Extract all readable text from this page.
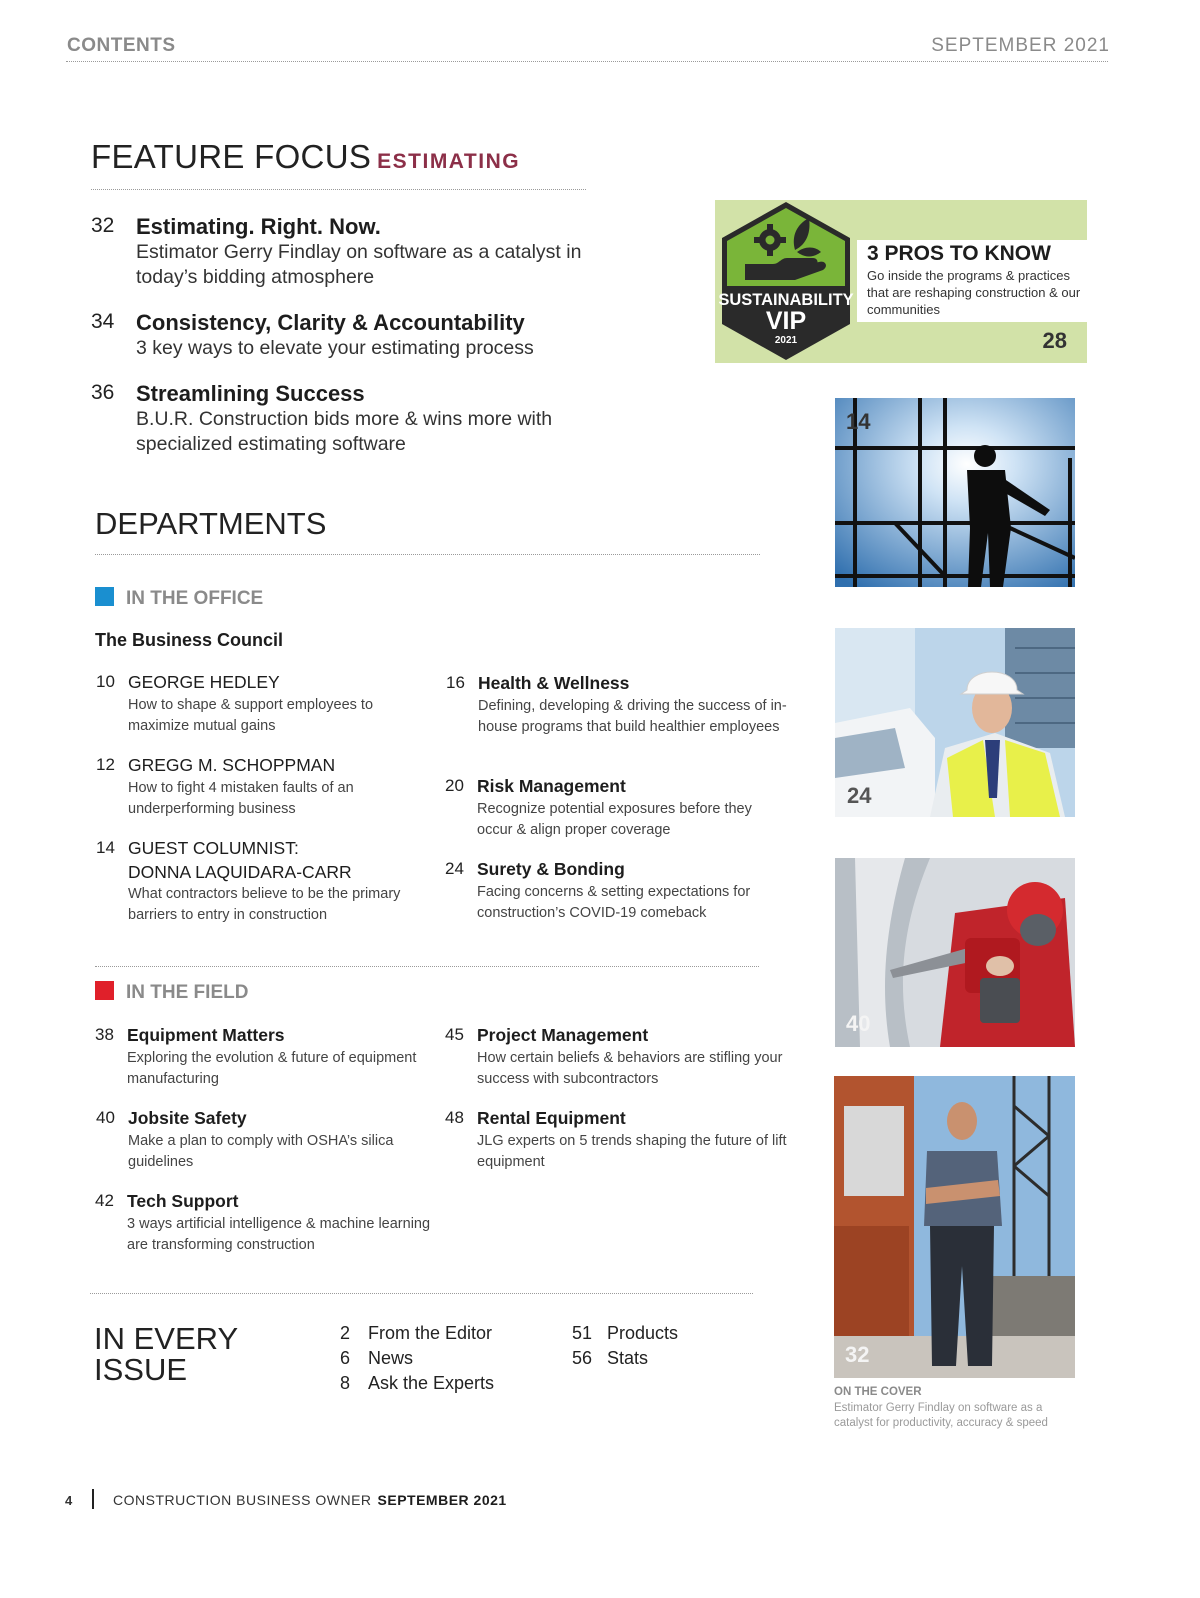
CONTENTS	SEPTEMBER 2021
FEATURE FOCUS ESTIMATING
32 Estimating. Right. Now.
Estimator Gerry Findlay on software as a catalyst in today’s bidding atmosphere
34 Consistency, Clarity & Accountability
3 key ways to elevate your estimating process
36 Streamlining Success
B.U.R. Construction bids more & wins more with specialized estimating software
SUSTAINABILITY
VIP
2021
3 PROS TO KNOW
Go inside the programs & practices that are reshaping construction & our communities
28
DEPARTMENTS
IN THE OFFICE
The Business Council
10 GEORGE HEDLEY
How to shape & support employees to maximize mutual gains
12 GREGG M. SCHOPPMAN
How to fight 4 mistaken faults of an underperforming business
14 GUEST COLUMNIST:
DONNA LAQUIDARA-CARR
What contractors believe to be the primary barriers to entry in construction
16 Health & Wellness
Defining, developing & driving the success of in-house programs that build healthier employees
20 Risk Management
Recognize potential exposures before they occur & align proper coverage
24 Surety & Bonding
Facing concerns & setting expectations for construction’s COVID-19 comeback
IN THE FIELD
38 Equipment Matters
Exploring the evolution & future of equipment manufacturing
40 Jobsite Safety
Make a plan to comply with OSHA’s silica guidelines
42 Tech Support
3 ways artificial intelligence & machine learning are transforming construction
45 Project Management
How certain beliefs & behaviors are stifling your success with subcontractors
48 Rental Equipment
JLG experts on 5 trends shaping the future of lift equipment
IN EVERY
ISSUE
2 From the Editor
6 News
8 Ask the Experts
51 Products
56 Stats
14
24
40
32
ON THE COVER
Estimator Gerry Findlay on software as a catalyst for productivity, accuracy & speed
4	CONSTRUCTION BUSINESS OWNER SEPTEMBER 2021
